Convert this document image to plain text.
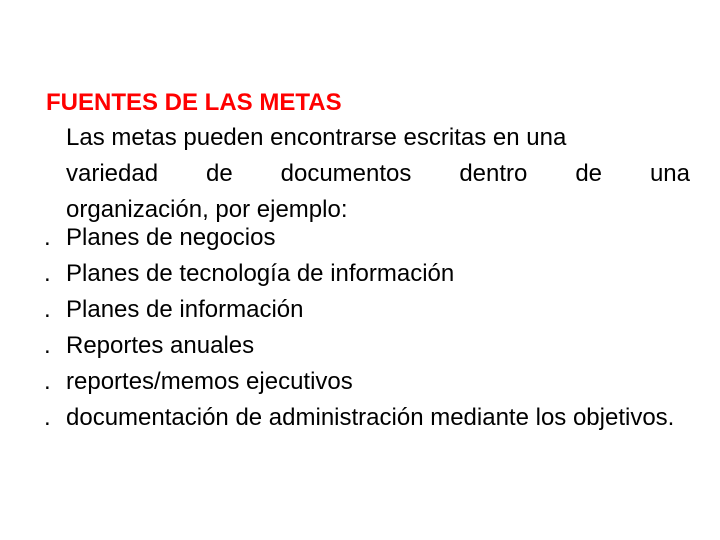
FUENTES DE LAS METAS
Las metas pueden encontrarse escritas en una
variedad de documentos dentro de una
organización, por ejemplo:
. Planes de negocios
. Planes de tecnología de información
. Planes de información
. Reportes anuales
. reportes/memos ejecutivos
. documentación de administración mediante los objetivos.
